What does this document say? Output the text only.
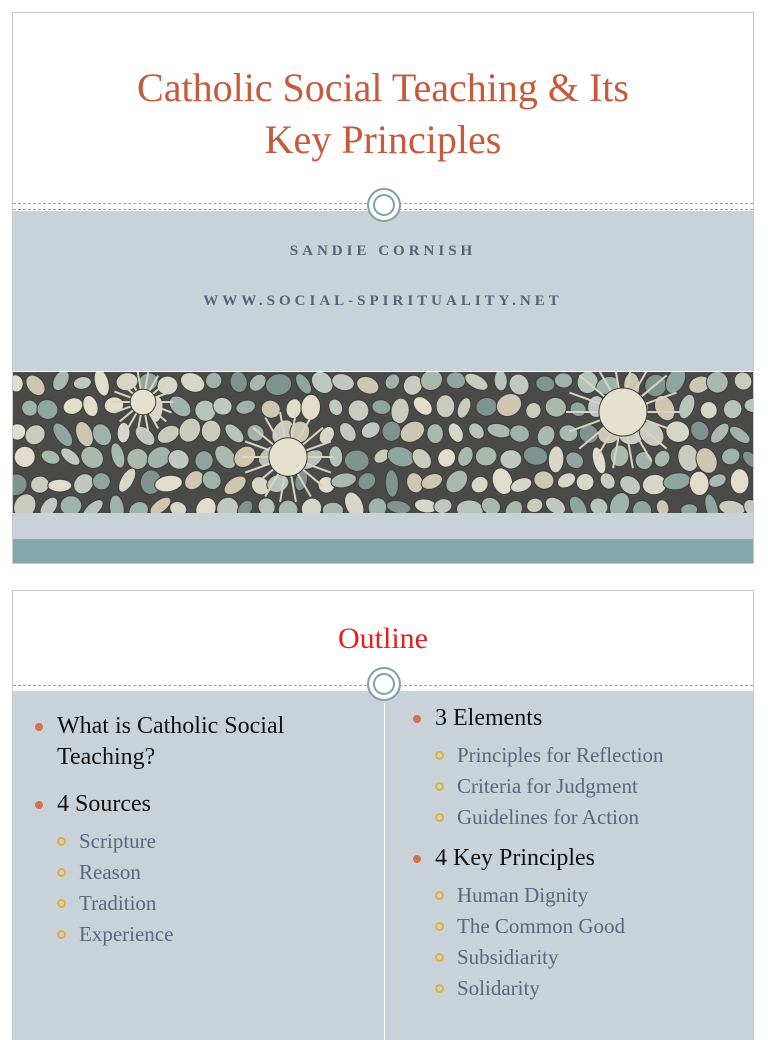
Catholic Social Teaching & Its
Key Principles
SANDIE CORNISH
WWW.SOCIAL-SPIRITUALITY.NET
Outline
What is Catholic Social
Teaching?
4 Sources
Scripture
Reason
Tradition
Experience
3 Elements
Principles for Reflection
Criteria for Judgment
Guidelines for Action
4 Key Principles
Human Dignity
The Common Good
Subsidiarity
Solidarity
